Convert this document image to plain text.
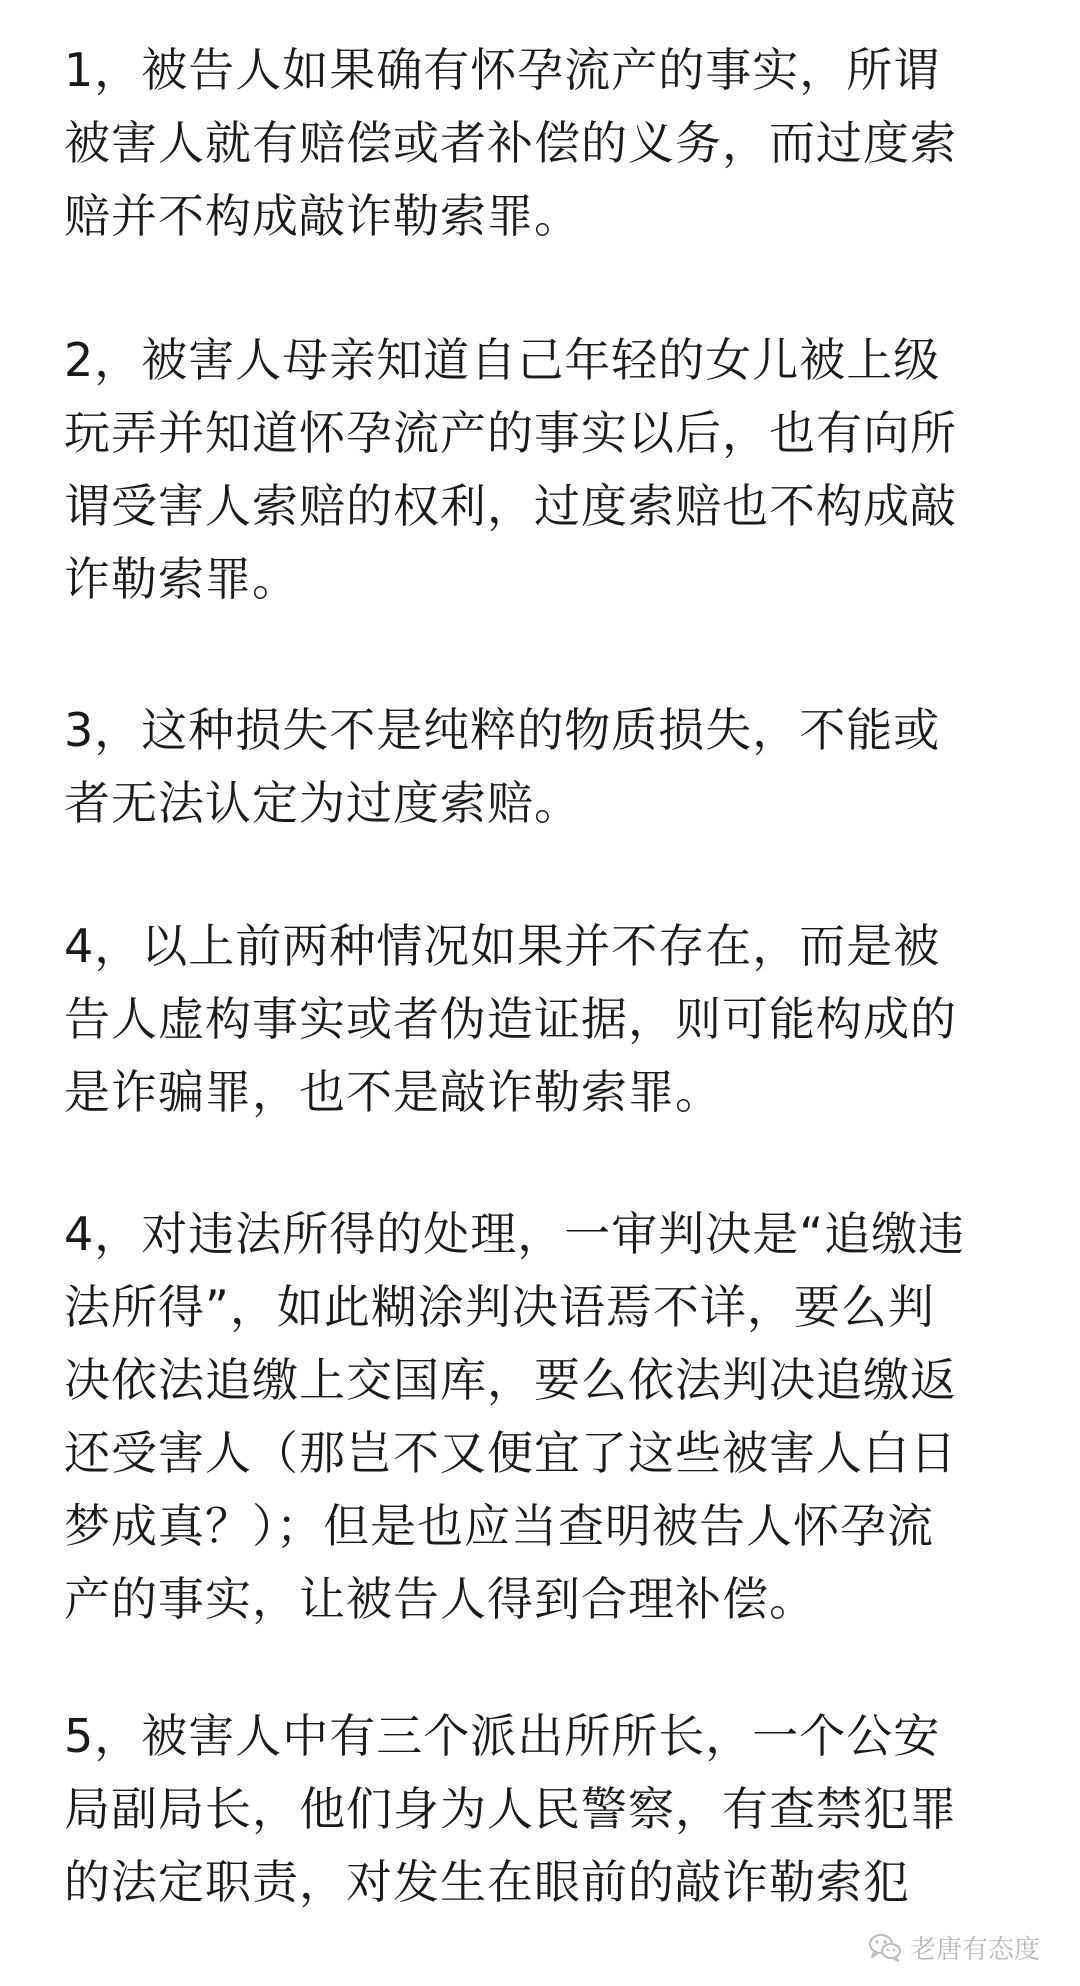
1，被告人如果确有怀孕流产的事实，所谓
被害人就有赔偿或者补偿的义务，而过度索
赔并不构成敲诈勒索罪。
2，被害人母亲知道自己年轻的女儿被上级
玩弄并知道怀孕流产的事实以后，也有向所
谓受害人索赔的权利，过度索赔也不构成敲
诈勒索罪。
3，这种损失不是纯粹的物质损失，不能或
者无法认定为过度索赔。
4，以上前两种情况如果并不存在，而是被
告人虚构事实或者伪造证据，则可能构成的
是诈骗罪，也不是敲诈勒索罪。
4，对违法所得的处理，一审判决是“追缴违
法所得”，如此糊涂判决语焉不详，要么判
决依法追缴上交国库，要么依法判决追缴返
还受害人（那岂不又便宜了这些被害人白日
梦成真？）；但是也应当查明被告人怀孕流
产的事实，让被告人得到合理补偿。
5，被害人中有三个派出所所长，一个公安
局副局长，他们身为人民警察，有查禁犯罪
的法定职责，对发生在眼前的敲诈勒索犯
老唐有态度
